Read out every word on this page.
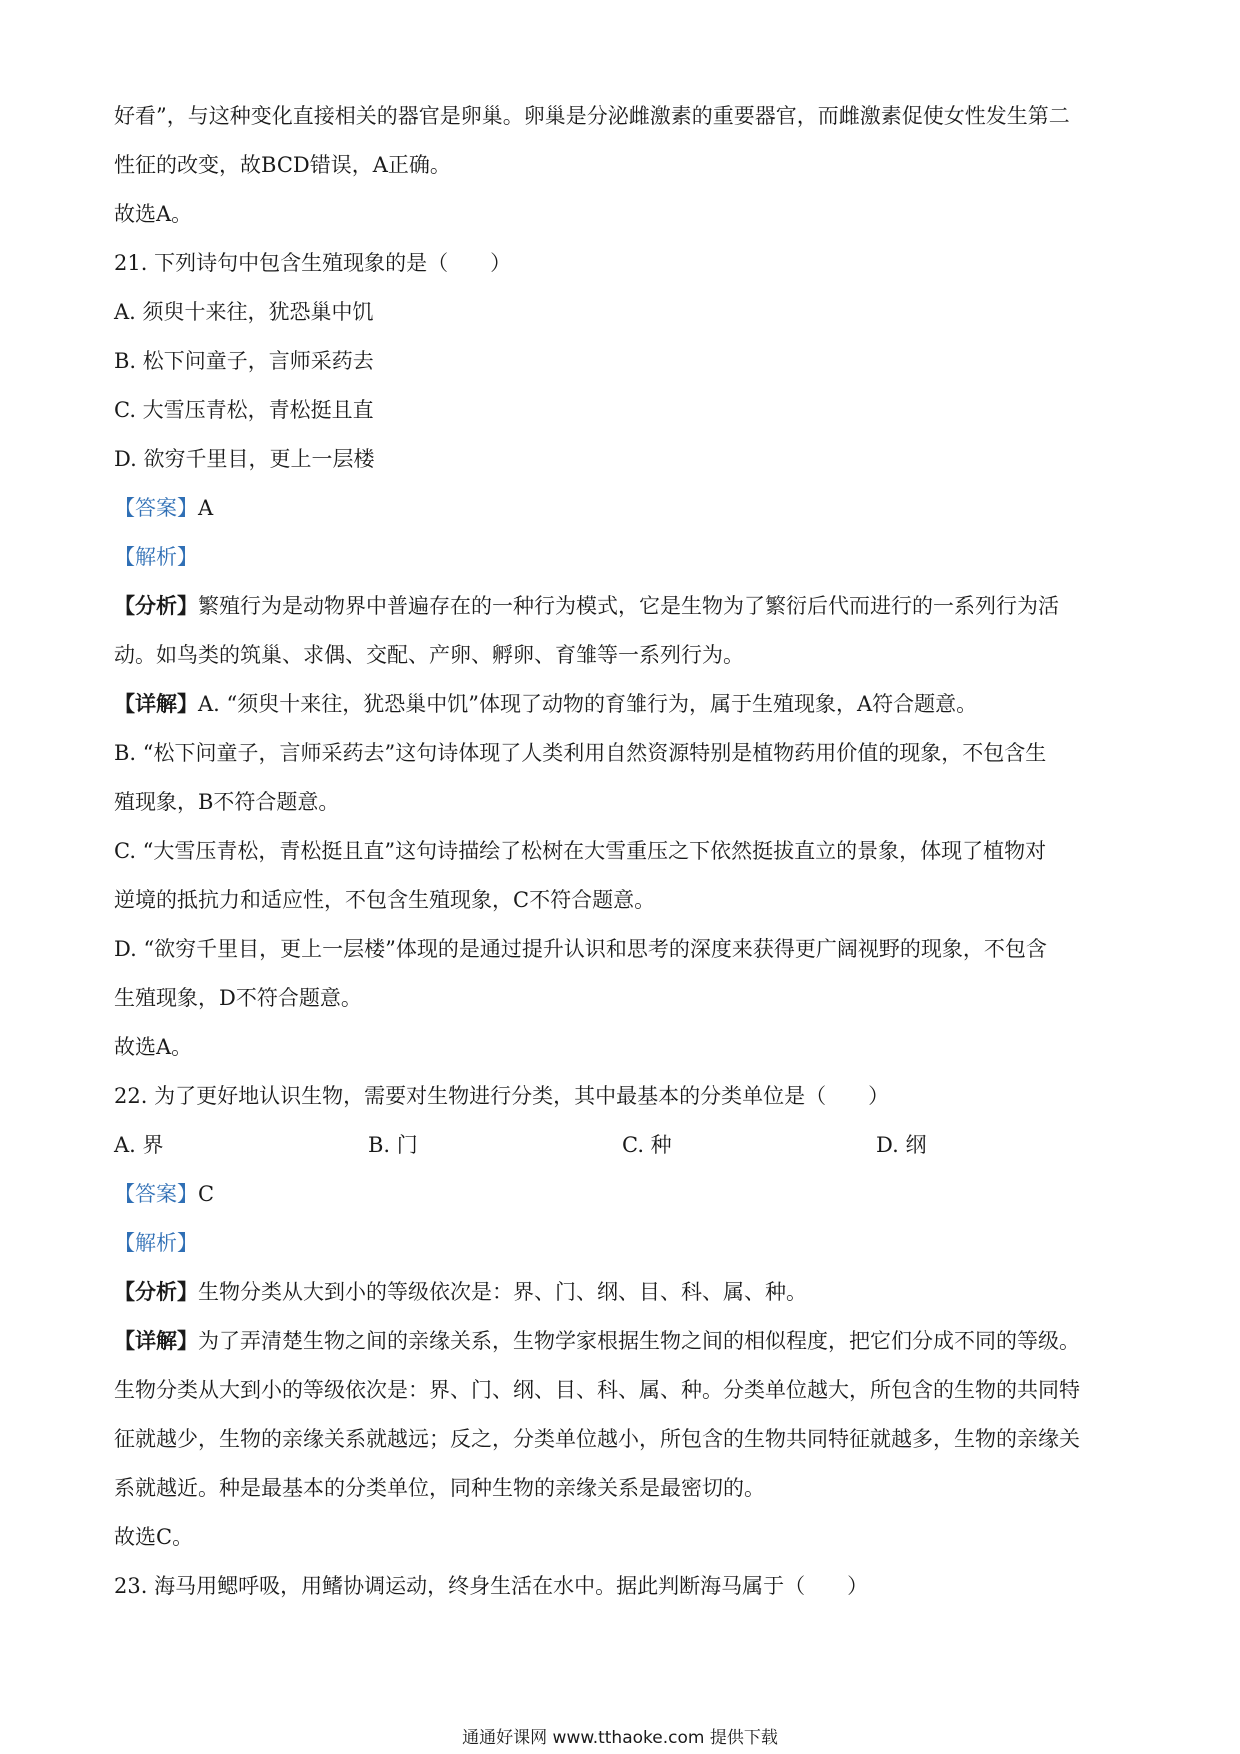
好看”，与这种变化直接相关的器官是卵巢。卵巢是分泌雌激素的重要器官，而雌激素促使女性发生第二
性征的改变，故BCD错误，A正确。
故选A。
21. 下列诗句中包含生殖现象的是（　　）
A. 须臾十来往，犹恐巢中饥
B. 松下问童子，言师采药去
C. 大雪压青松，青松挺且直
D. 欲穷千里目，更上一层楼
【答案】A
【解析】
【分析】繁殖行为是动物界中普遍存在的一种行为模式，它是生物为了繁衍后代而进行的一系列行为活
动。如鸟类的筑巢、求偶、交配、产卵、孵卵、育雏等一系列行为。
【详解】A. “须臾十来往，犹恐巢中饥”体现了动物的育雏行为，属于生殖现象，A符合题意。
B. “松下问童子，言师采药去”这句诗体现了人类利用自然资源特别是植物药用价值的现象，不包含生
殖现象，B不符合题意。
C. “大雪压青松，青松挺且直”这句诗描绘了松树在大雪重压之下依然挺拔直立的景象，体现了植物对
逆境的抵抗力和适应性，不包含生殖现象，C不符合题意。
D. “欲穷千里目，更上一层楼”体现的是通过提升认识和思考的深度来获得更广阔视野的现象，不包含
生殖现象，D不符合题意。
故选A。
22. 为了更好地认识生物，需要对生物进行分类，其中最基本的分类单位是（　　）
A. 界	B. 门	C. 种	D. 纲
【答案】C
【解析】
【分析】生物分类从大到小的等级依次是：界、门、纲、目、科、属、种。
【详解】为了弄清楚生物之间的亲缘关系，生物学家根据生物之间的相似程度，把它们分成不同的等级。
生物分类从大到小的等级依次是：界、门、纲、目、科、属、种。分类单位越大，所包含的生物的共同特
征就越少，生物的亲缘关系就越远；反之，分类单位越小，所包含的生物共同特征就越多，生物的亲缘关
系就越近。种是最基本的分类单位，同种生物的亲缘关系是最密切的。
故选C。
23. 海马用鳃呼吸，用鳍协调运动，终身生活在水中。据此判断海马属于（　　）
通通好课网 www.tthaoke.com 提供下载
